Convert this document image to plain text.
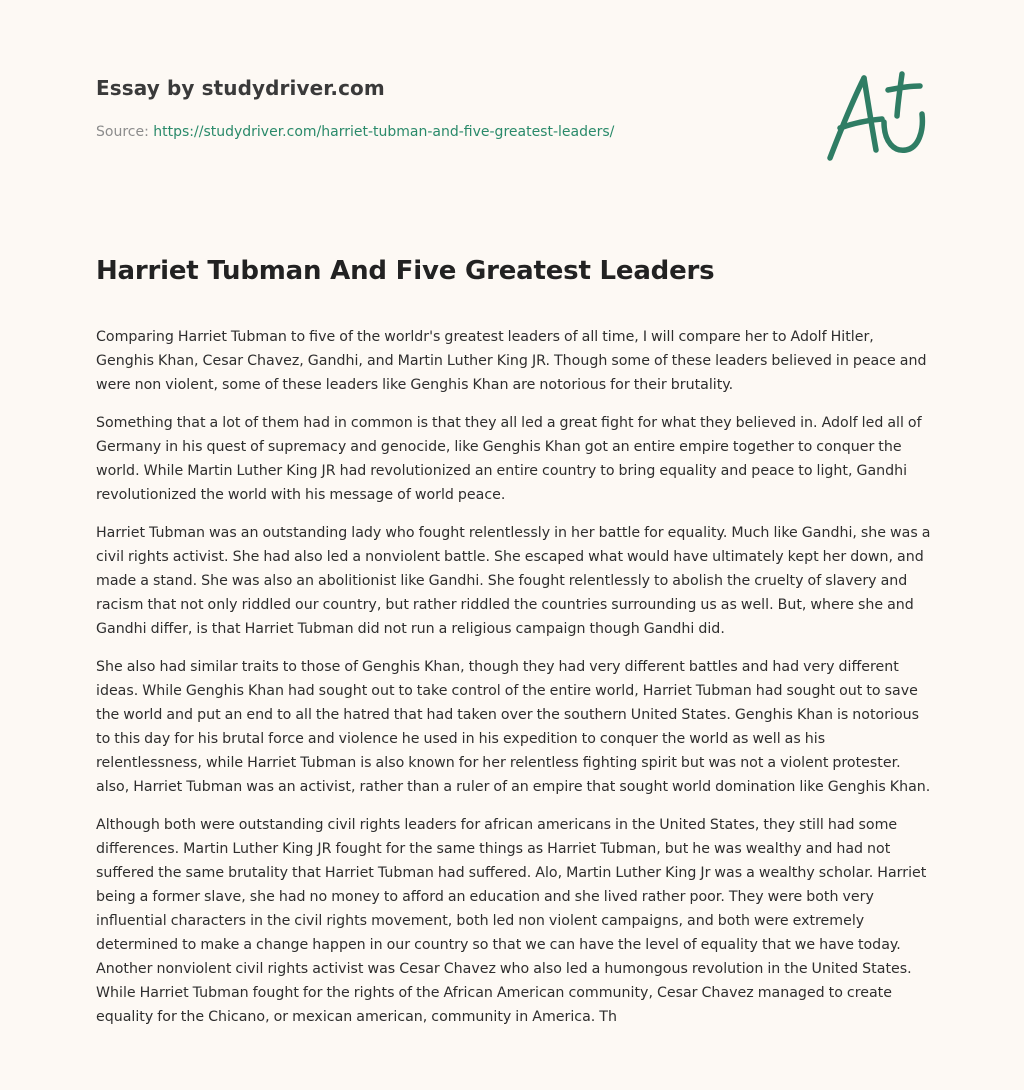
Essay by studydriver.com
Source: https://studydriver.com/harriet-tubman-and-five-greatest-leaders/
Harriet Tubman And Five Greatest Leaders

Comparing Harriet Tubman to five of the worldr's greatest leaders of all time, I will compare her to Adolf Hitler, Genghis Khan, Cesar Chavez, Gandhi, and Martin Luther King JR. Though some of these leaders believed in peace and were non violent, some of these leaders like Genghis Khan are notorious for their brutality.

Something that a lot of them had in common is that they all led a great fight for what they believed in. Adolf led all of Germany in his quest of supremacy and genocide, like Genghis Khan got an entire empire together to conquer the world. While Martin Luther King JR had revolutionized an entire country to bring equality and peace to light, Gandhi revolutionized the world with his message of world peace.

Harriet Tubman was an outstanding lady who fought relentlessly in her battle for equality. Much like Gandhi, she was a civil rights activist. She had also led a nonviolent battle. She escaped what would have ultimately kept her down, and made a stand. She was also an abolitionist like Gandhi. She fought relentlessly to abolish the cruelty of slavery and racism that not only riddled our country, but rather riddled the countries surrounding us as well. But, where she and Gandhi differ, is that Harriet Tubman did not run a religious campaign though Gandhi did.

She also had similar traits to those of Genghis Khan, though they had very different battles and had very different ideas. While Genghis Khan had sought out to take control of the entire world, Harriet Tubman had sought out to save the world and put an end to all the hatred that had taken over the southern United States. Genghis Khan is notorious to this day for his brutal force and violence he used in his expedition to conquer the world as well as his relentlessness, while Harriet Tubman is also known for her relentless fighting spirit but was not a violent protester. also, Harriet Tubman was an activist, rather than a ruler of an empire that sought world domination like Genghis Khan.

Although both were outstanding civil rights leaders for african americans in the United States, they still had some differences. Martin Luther King JR fought for the same things as Harriet Tubman, but he was wealthy and had not suffered the same brutality that Harriet Tubman had suffered. Alo, Martin Luther King Jr was a wealthy scholar. Harriet being a former slave, she had no money to afford an education and she lived rather poor. They were both very influential characters in the civil rights movement, both led non violent campaigns, and both were extremely determined to make a change happen in our country so that we can have the level of equality that we have today.

Another nonviolent civil rights activist was Cesar Chavez who also led a humongous revolution in the United States. While Harriet Tubman fought for the rights of the African American community, Cesar Chavez managed to create equality for the Chicano, or mexican american, community in America. Th
